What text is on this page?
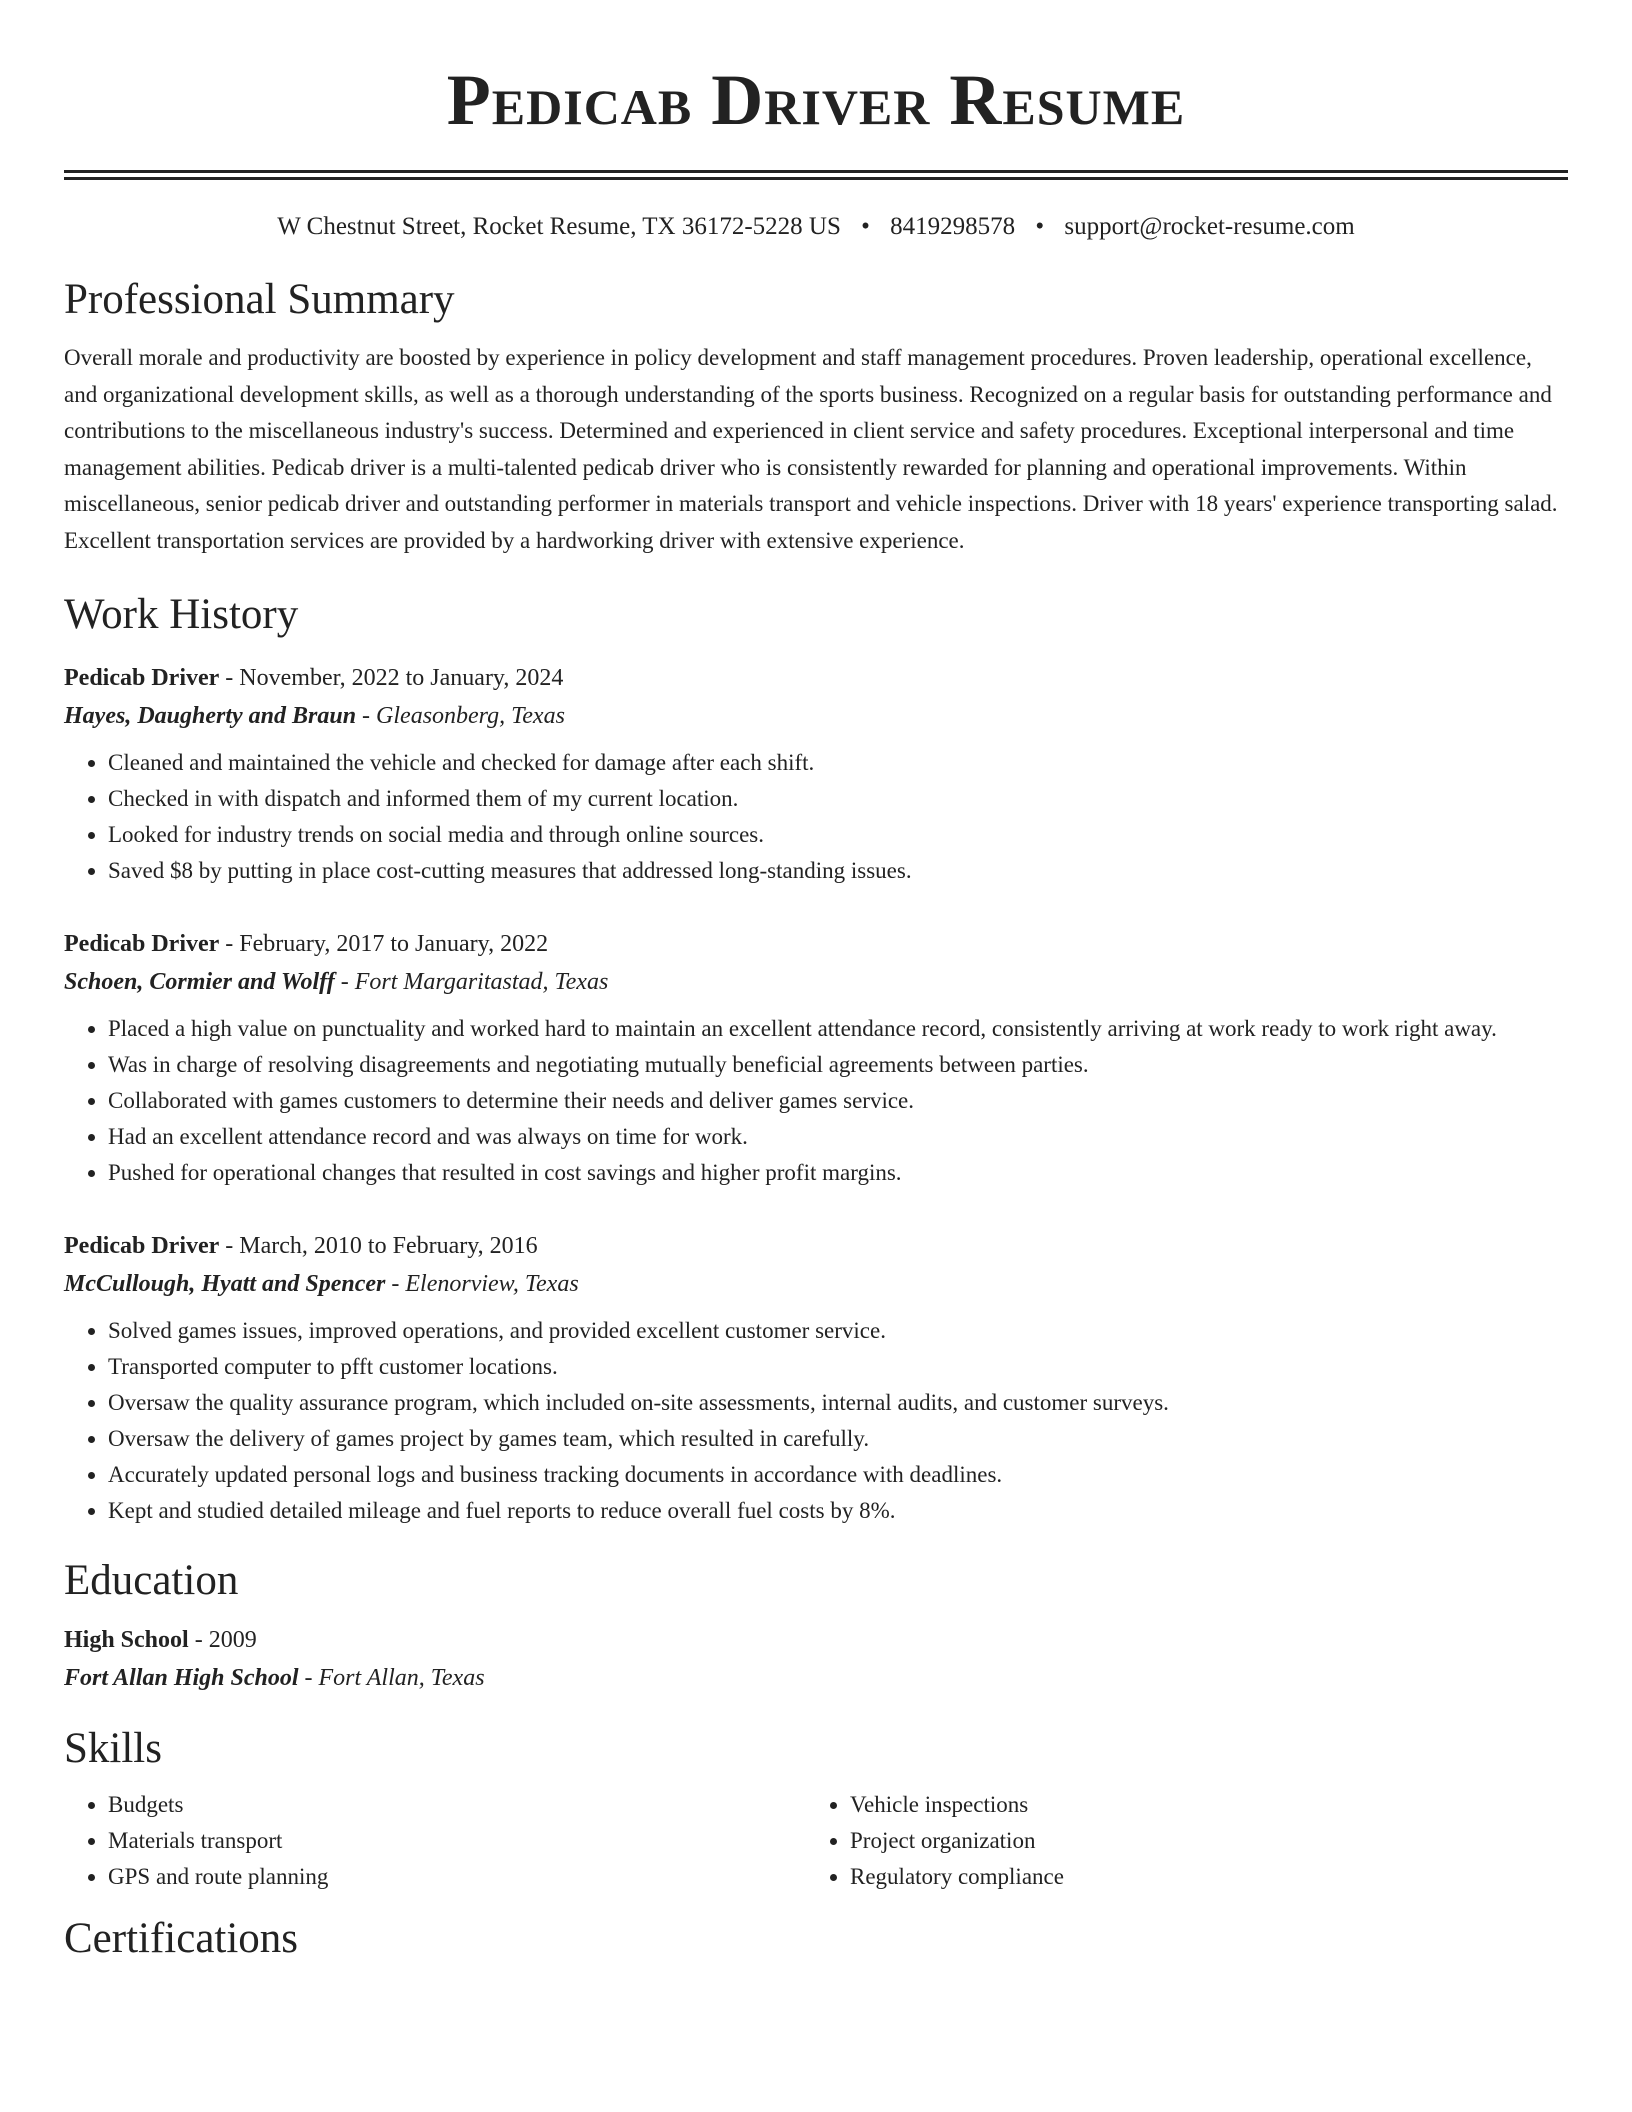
Pedicab Driver Resume
W Chestnut Street, Rocket Resume, TX 36172-5228 US • 8419298578 • support@rocket-resume.com
Professional Summary

Overall morale and productivity are boosted by experience in policy development and staff management procedures. Proven leadership, operational excellence, and organizational development skills, as well as a thorough understanding of the sports business. Recognized on a regular basis for outstanding performance and contributions to the miscellaneous industry's success. Determined and experienced in client service and safety procedures. Exceptional interpersonal and time management abilities. Pedicab driver is a multi-talented pedicab driver who is consistently rewarded for planning and operational improvements. Within miscellaneous, senior pedicab driver and outstanding performer in materials transport and vehicle inspections. Driver with 18 years' experience transporting salad. Excellent transportation services are provided by a hardworking driver with extensive experience.

Work History
Pedicab Driver - November, 2022 to January, 2024
Hayes, Daugherty and Braun - Gleasonberg, Texas
• Cleaned and maintained the vehicle and checked for damage after each shift.
• Checked in with dispatch and informed them of my current location.
• Looked for industry trends on social media and through online sources.
• Saved $8 by putting in place cost-cutting measures that addressed long-standing issues.
Pedicab Driver - February, 2017 to January, 2022
Schoen, Cormier and Wolff - Fort Margaritastad, Texas
• Placed a high value on punctuality and worked hard to maintain an excellent attendance record, consistently arriving at work ready to work right away.
• Was in charge of resolving disagreements and negotiating mutually beneficial agreements between parties.
• Collaborated with games customers to determine their needs and deliver games service.
• Had an excellent attendance record and was always on time for work.
• Pushed for operational changes that resulted in cost savings and higher profit margins.
Pedicab Driver - March, 2010 to February, 2016
McCullough, Hyatt and Spencer - Elenorview, Texas
• Solved games issues, improved operations, and provided excellent customer service.
• Transported computer to pfft customer locations.
• Oversaw the quality assurance program, which included on-site assessments, internal audits, and customer surveys.
• Oversaw the delivery of games project by games team, which resulted in carefully.
• Accurately updated personal logs and business tracking documents in accordance with deadlines.
• Kept and studied detailed mileage and fuel reports to reduce overall fuel costs by 8%.
Education
High School - 2009
Fort Allan High School - Fort Allan, Texas
Skills
• Budgets
• Materials transport
• GPS and route planning
• Vehicle inspections
• Project organization
• Regulatory compliance
Certifications
